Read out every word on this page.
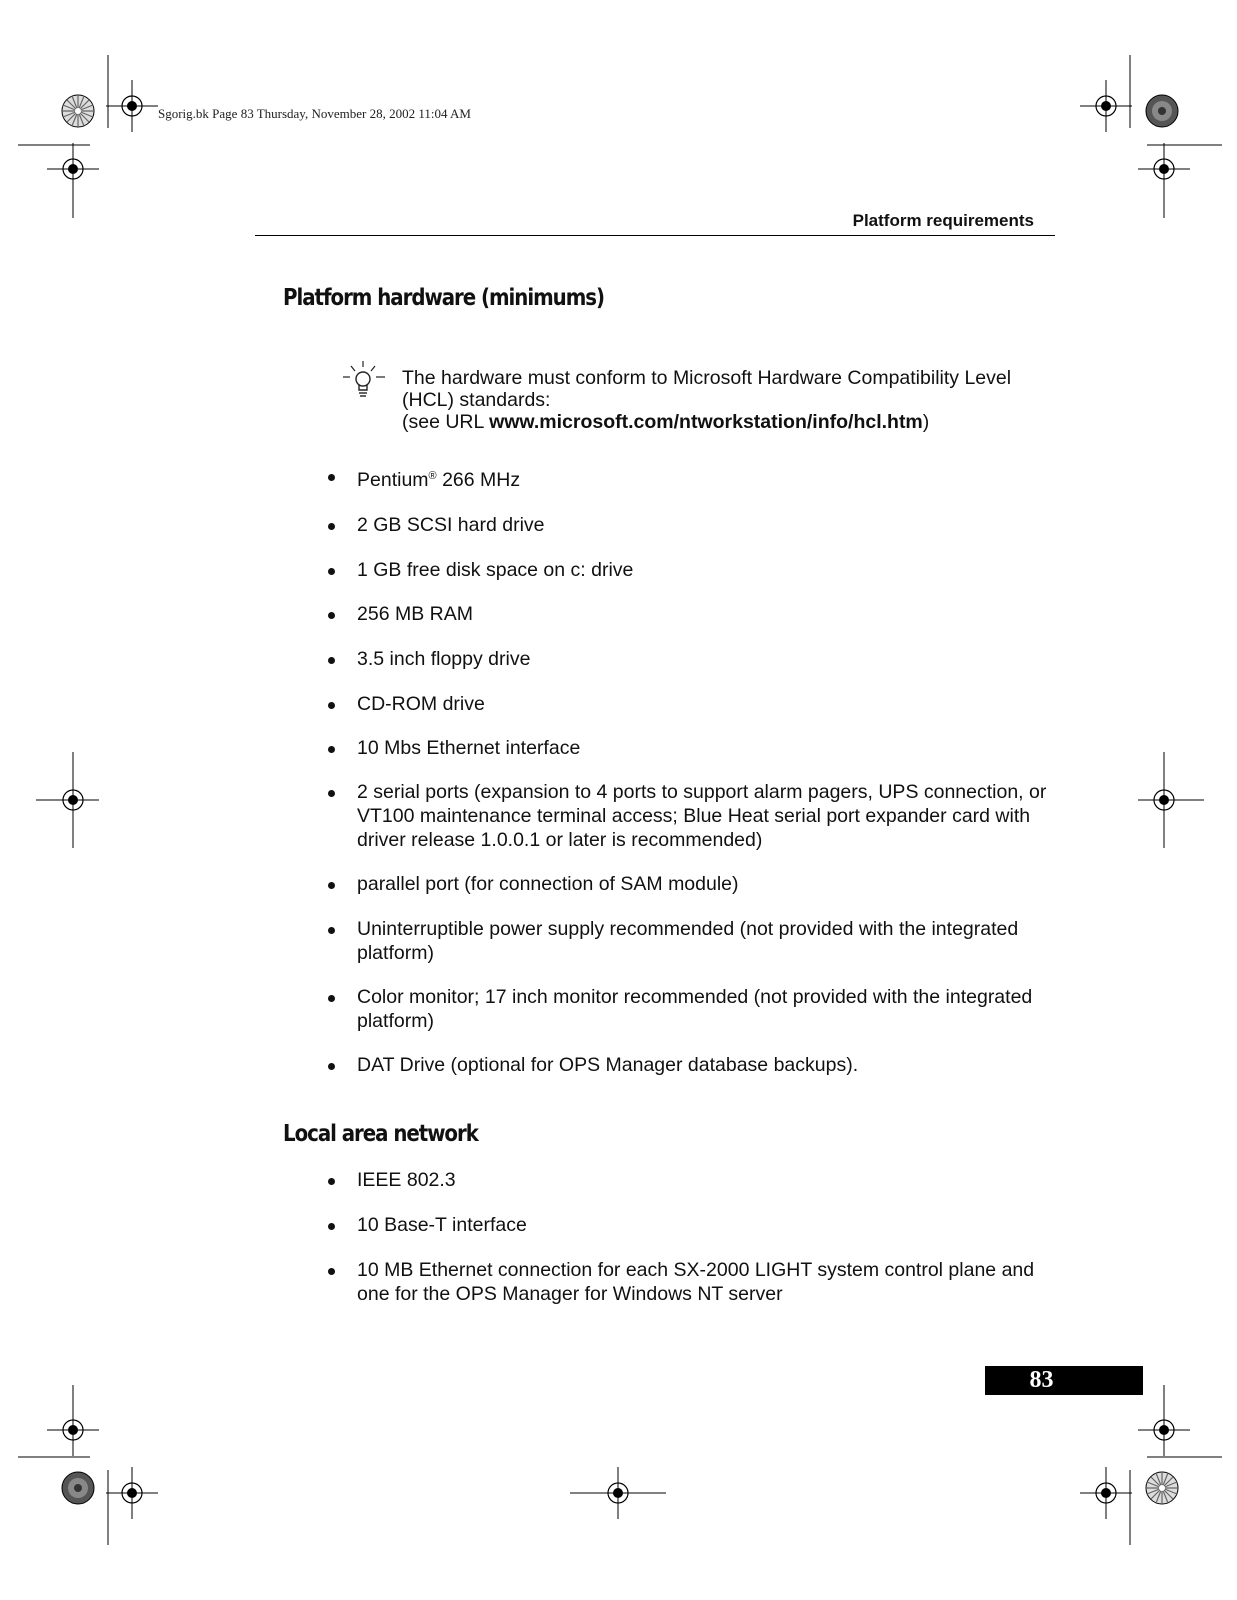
Sgorig.bk Page 83 Thursday, November 28, 2002 11:04 AM
Platform requirements
Platform hardware (minimums)
The hardware must conform to Microsoft Hardware Compatibility Level
(HCL) standards:
(see URL www.microsoft.com/ntworkstation/info/hcl.htm)
Pentium® 266 MHz
2 GB SCSI hard drive
1 GB free disk space on c: drive
256 MB RAM
3.5 inch floppy drive
CD-ROM drive
10 Mbs Ethernet interface
2 serial ports (expansion to 4 ports to support alarm pagers, UPS connection, or VT100 maintenance terminal access; Blue Heat serial port expander card with driver release 1.0.0.1 or later is recommended)
parallel port (for connection of SAM module)
Uninterruptible power supply recommended (not provided with the integrated platform)
Color monitor; 17 inch monitor recommended (not provided with the integrated platform)
DAT Drive (optional for OPS Manager database backups).
Local area network
IEEE 802.3
10 Base-T interface
10 MB Ethernet connection for each SX-2000 LIGHT system control plane and one for the OPS Manager for Windows NT server
83
